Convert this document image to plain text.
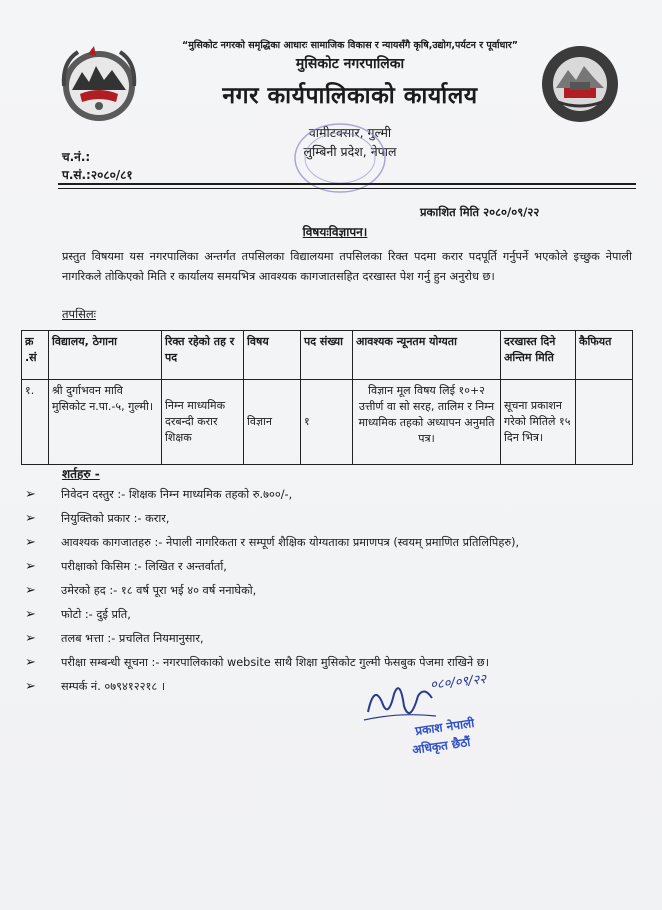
“मुसिकोट नगरको समृद्धिका आधारः सामाजिक विकास र न्यायसँगै कृषि,उद्योग,पर्यटन र पूर्वाधार”
मुसिकोट नगरपालिका
नगर कार्यपालिकाको कार्यालय
वामीटक्सार, गुल्मी
लुम्बिनी प्रदेश, नेपाल
च.नं.:
प.सं.:२०८०/८१
प्रकाशित मिति २०८०/०९/२२
विषयःविज्ञापन।
प्रस्तुत विषयमा यस नगरपालिका अन्तर्गत तपसिलका विद्यालयमा तपसिलका रिक्त पदमा करार पदपूर्ति गर्नुपर्ने भएकोले इच्छुक नेपाली नागरिकले तोकिएको मिति र कार्यालय समयभित्र आवश्यक कागजातसहित दरखास्त पेश गर्नु हुन अनुरोध छ।
तपसिलः
क्र .सं	विद्यालय, ठेगाना	रिक्त रहेको तह र पद	विषय	पद संख्या	आवश्यक न्यूनतम योग्यता	दरखास्त दिने अन्तिम मिति	कैफियत
१.	श्री दुर्गाभवन मावि मुसिकोट न.पा.-५, गुल्मी।	निम्न माध्यमिक दरबन्दी करार शिक्षक	विज्ञान	१	विज्ञान मूल विषय लिई १०+२ उत्तीर्ण वा सो सरह, तालिम र निम्न माध्यमिक तहको अध्यापन अनुमति पत्र।	सूचना प्रकाशन गरेको मितिले १५ दिन भित्र।	
शर्तहरु -
➢ निवेदन दस्तुर :- शिक्षक निम्न माध्यमिक तहको रु.७००/-,
➢ नियुक्तिको प्रकार :- करार,
➢ आवश्यक कागजातहरु :- नेपाली नागरिकता र सम्पूर्ण शैक्षिक योग्यताका प्रमाणपत्र (स्वयम् प्रमाणित प्रतिलिपिहरु),
➢ परीक्षाको किसिम :- लिखित र अन्तर्वार्ता,
➢ उमेरको हद :- १८ वर्ष पूरा भई ४० वर्ष ननाघेको,
➢ फोटो :- दुई प्रति,
➢ तलब भत्ता :- प्रचलित नियमानुसार,
➢ परीक्षा सम्बन्धी सूचना :- नगरपालिकाको website साथै शिक्षा मुसिकोट गुल्मी फेसबुक पेजमा राखिने छ।
➢ सम्पर्क नं. ०७९४१२२१८ ।	०८०/०९/२२
प्रकाश नेपाली
अधिकृत छैठौं
